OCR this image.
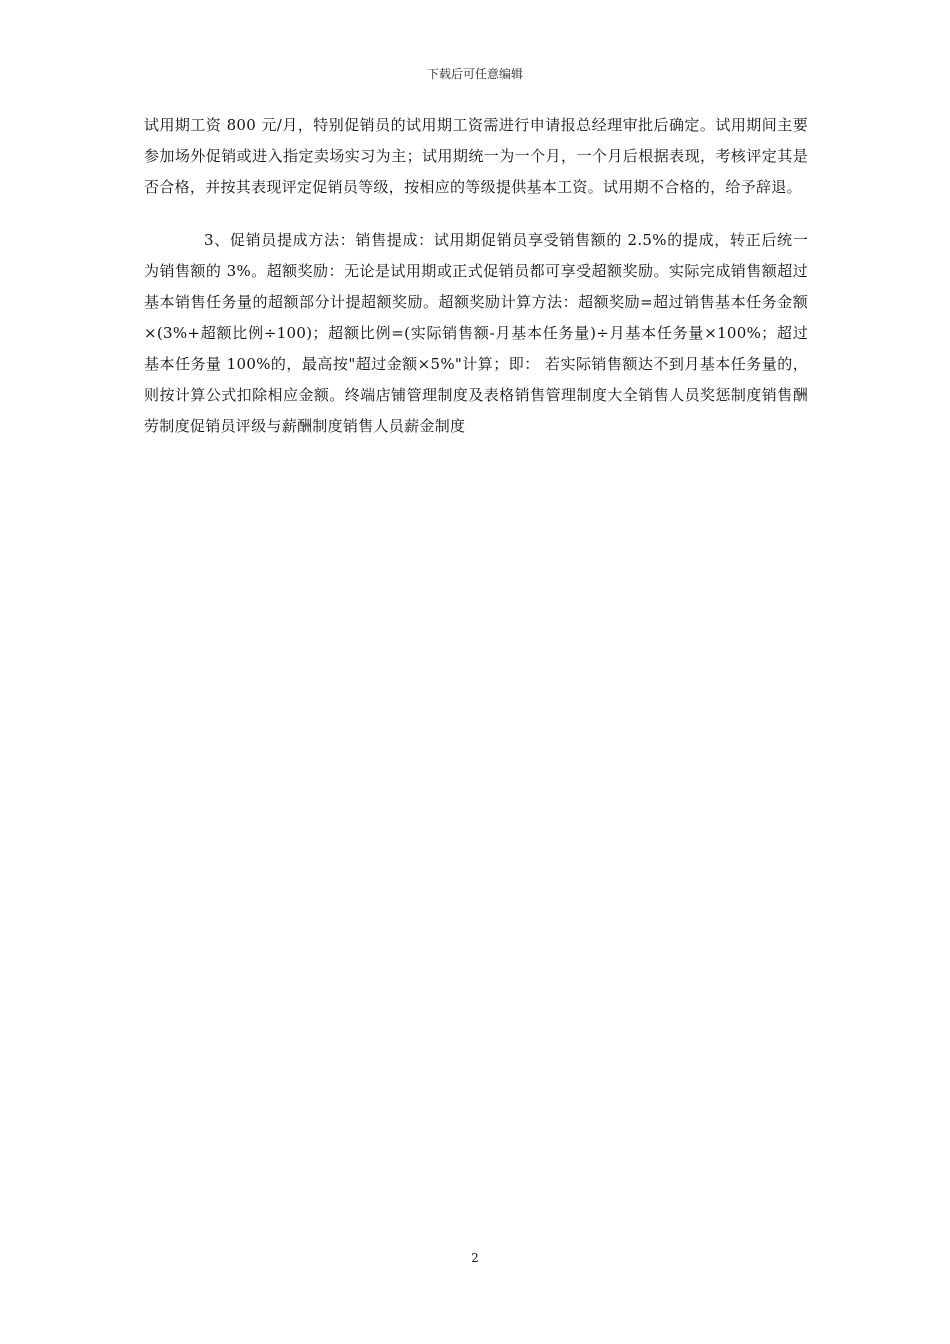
下载后可任意编辑

试用期工资 800 元/月，特别促销员的试用期工资需进行申请报总经理审批后确定。试用期间主要参加场外促销或进入指定卖场实习为主；试用期统一为一个月，一个月后根据表现，考核评定其是否合格，并按其表现评定促销员等级，按相应的等级提供基本工资。试用期不合格的，给予辞退。

3、促销员提成方法：销售提成：试用期促销员享受销售额的 2.5%的提成，转正后统一为销售额的 3%。超额奖励：无论是试用期或正式促销员都可享受超额奖励。实际完成销售额超过基本销售任务量的超额部分计提超额奖励。超额奖励计算方法：超额奖励=超过销售基本任务金额×(3%+超额比例÷100)；超额比例=(实际销售额-月基本任务量)÷月基本任务量×100%；超过基本任务量 100%的，最高按"超过金额×5%"计算；即： 若实际销售额达不到月基本任务量的，则按计算公式扣除相应金额。终端店铺管理制度及表格销售管理制度大全销售人员奖惩制度销售酬劳制度促销员评级与薪酬制度销售人员薪金制度

2
